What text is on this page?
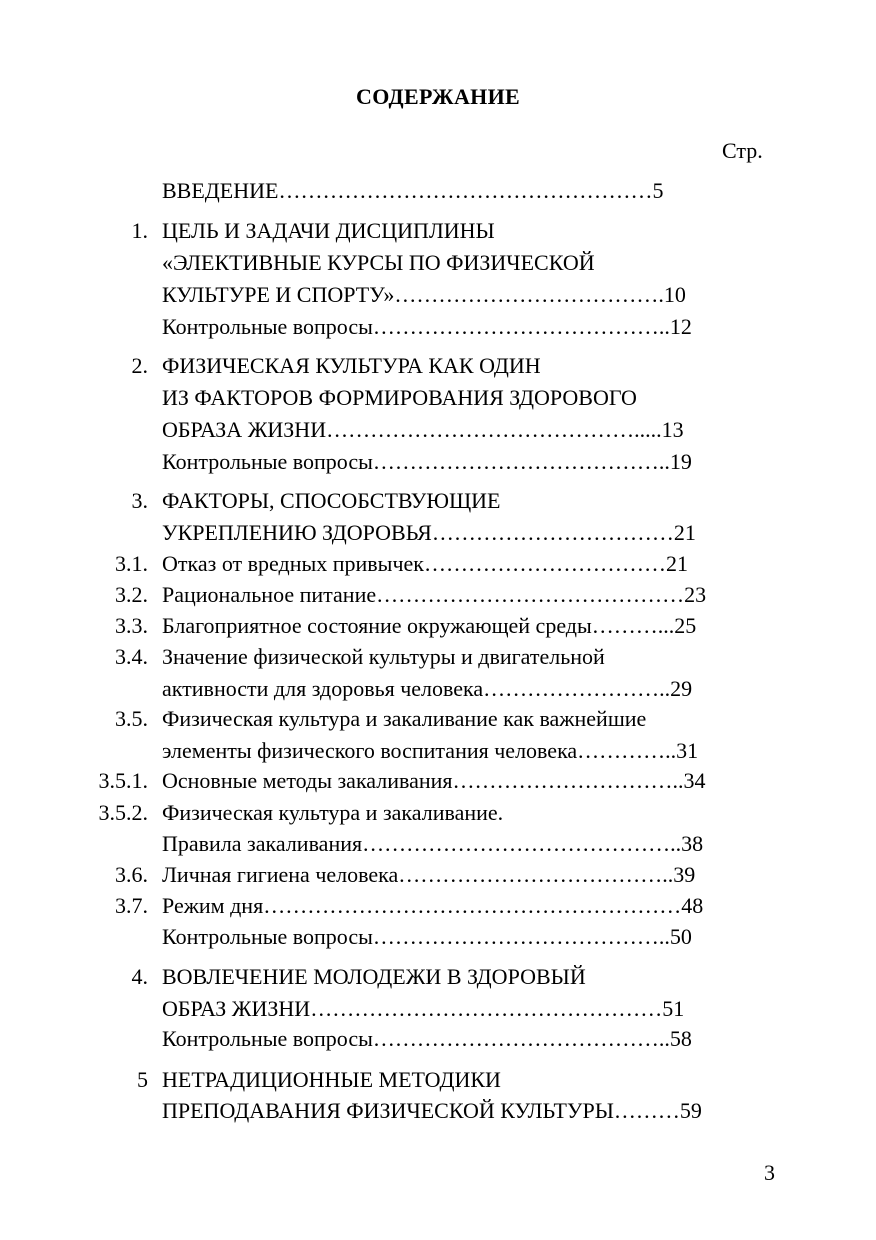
СОДЕРЖАНИЕ
Стр.
ВВЕДЕНИЕ……………………………………………5
1. ЦЕЛЬ И ЗАДАЧИ ДИСЦИПЛИНЫ
«ЭЛЕКТИВНЫЕ КУРСЫ ПО ФИЗИЧЕСКОЙ
КУЛЬТУРЕ И СПОРТУ»……………………………….10
Контрольные вопросы…………………………………..12
2. ФИЗИЧЕСКАЯ КУЛЬТУРА КАК ОДИН
ИЗ ФАКТОРОВ ФОРМИРОВАНИЯ ЗДОРОВОГО
ОБРАЗА ЖИЗНИ…………………………………….....13
Контрольные вопросы…………………………………..19
3. ФАКТОРЫ, СПОСОБСТВУЮЩИЕ
УКРЕПЛЕНИЮ ЗДОРОВЬЯ……………………………21
3.1. Отказ от вредных привычек……………………………21
3.2. Рациональное питание……………………………………23
3.3. Благоприятное состояние окружающей среды………...25
3.4. Значение физической культуры и двигательной
активности для здоровья человека……………………..29
3.5. Физическая культура и закаливание как важнейшие
элементы физического воспитания человека…………..31
3.5.1. Основные методы закаливания…………………………..34
3.5.2. Физическая культура и закаливание.
Правила закаливания……………………………………..38
3.6. Личная гигиена человека………………………………..39
3.7. Режим дня…………………………………………………48
Контрольные вопросы…………………………………..50
4. ВОВЛЕЧЕНИЕ МОЛОДЕЖИ В ЗДОРОВЫЙ
ОБРАЗ ЖИЗНИ…………………………………………51
Контрольные вопросы…………………………………..58
5 НЕТРАДИЦИОННЫЕ МЕТОДИКИ
ПРЕПОДАВАНИЯ ФИЗИЧЕСКОЙ КУЛЬТУРЫ………59
3
